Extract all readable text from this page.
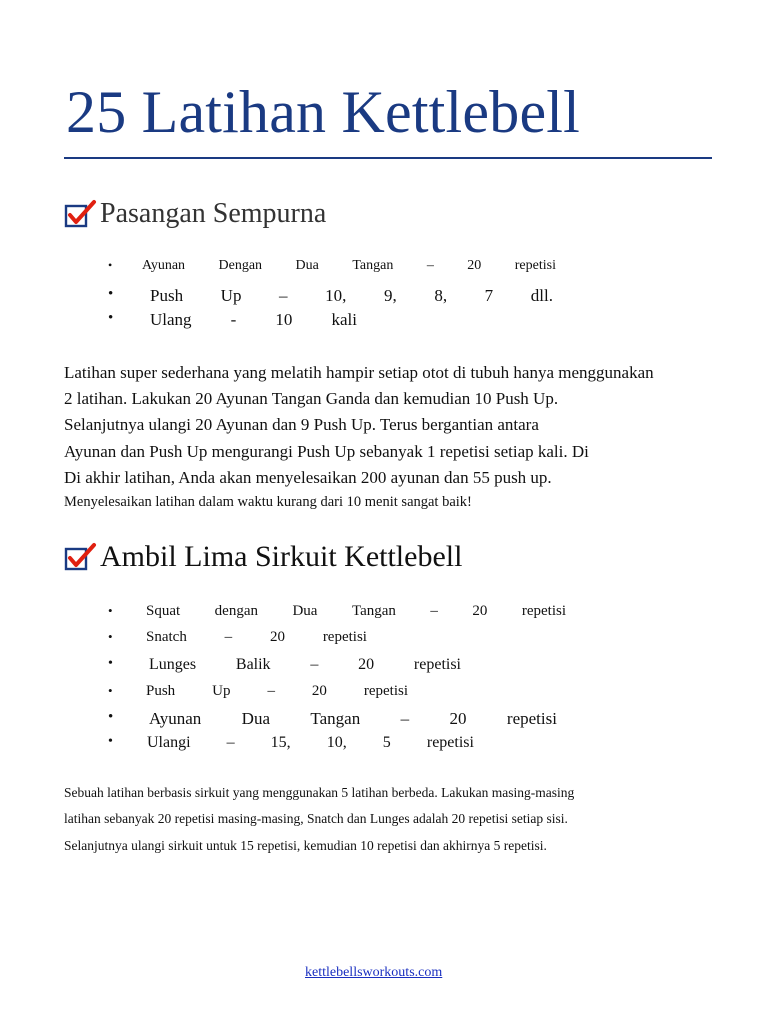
25 Latihan Kettlebell
Pasangan Sempurna
• Ayunan Dengan Dua Tangan – 20 repetisi
• Push Up – 10, 9, 8, 7 dll.
• Ulang - 10 kali
Latihan super sederhana yang melatih hampir setiap otot di tubuh hanya menggunakan
2 latihan. Lakukan 20 Ayunan Tangan Ganda dan kemudian 10 Push Up.
Selanjutnya ulangi 20 Ayunan dan 9 Push Up. Terus bergantian antara
Ayunan dan Push Up mengurangi Push Up sebanyak 1 repetisi setiap kali. Di
Di akhir latihan, Anda akan menyelesaikan 200 ayunan dan 55 push up.
Menyelesaikan latihan dalam waktu kurang dari 10 menit sangat baik!
Ambil Lima Sirkuit Kettlebell
• Squat dengan Dua Tangan – 20 repetisi
• Snatch	–	20	repetisi
• Lunges Balik – 20 repetisi
• Push Up – 20 repetisi
• Ayunan Dua Tangan – 20 repetisi
• Ulangi – 15, 10, 5 repetisi
Sebuah latihan berbasis sirkuit yang menggunakan 5 latihan berbeda. Lakukan masing-masing
latihan sebanyak 20 repetisi masing-masing, Snatch dan Lunges adalah 20 repetisi setiap sisi.
Selanjutnya ulangi sirkuit untuk 15 repetisi, kemudian 10 repetisi dan akhirnya 5 repetisi.
kettlebellsworkouts.com
